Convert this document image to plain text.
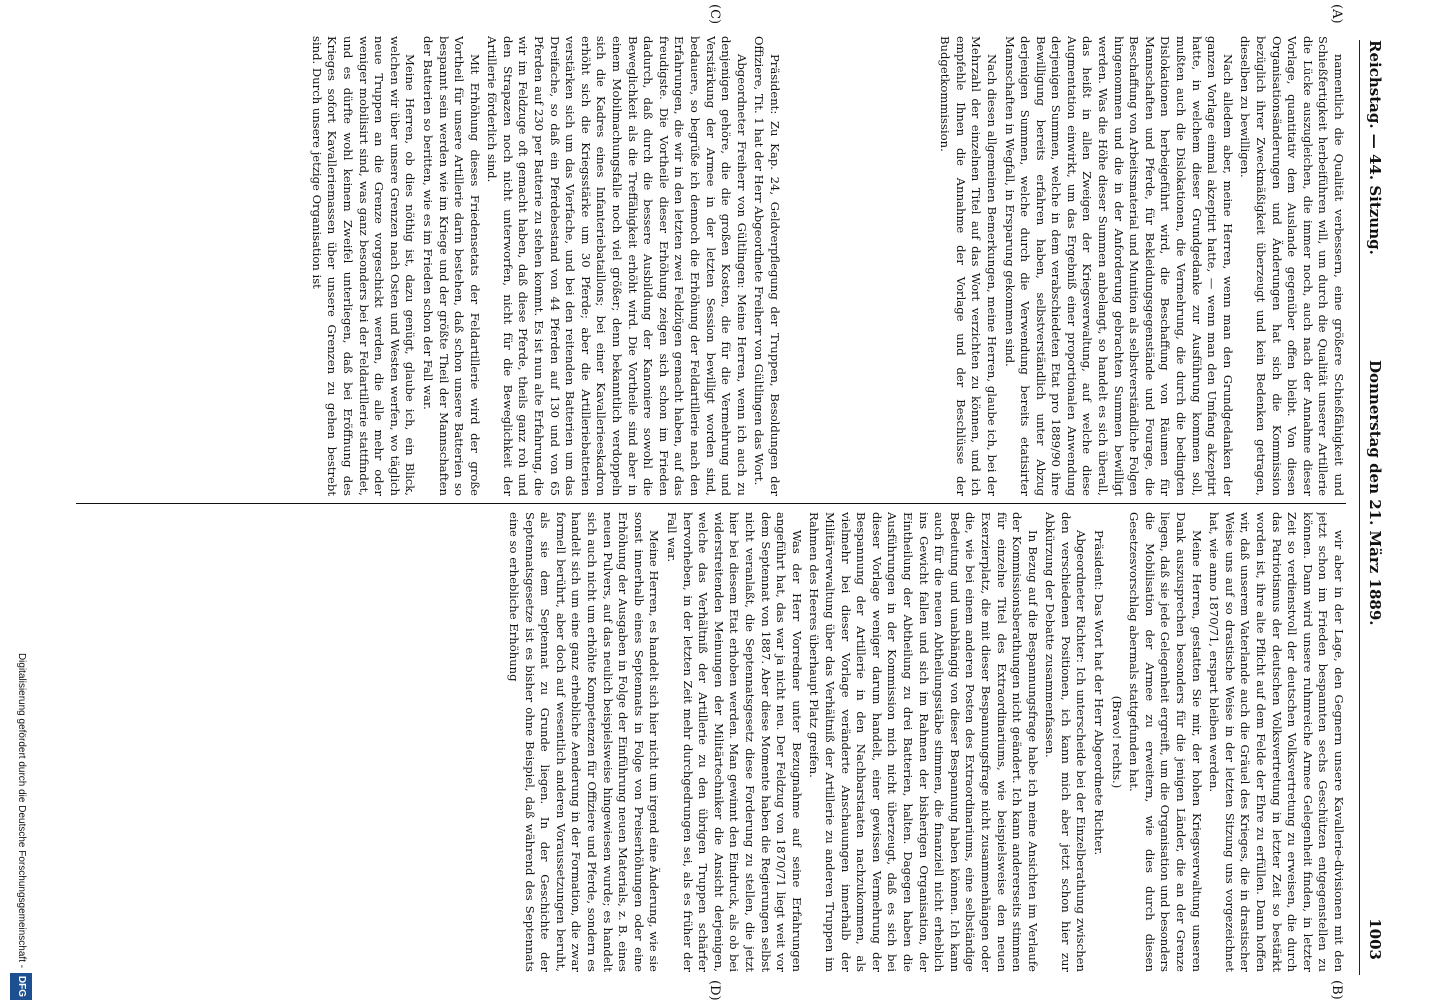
Reichstag. — 44. Sitzung.
Donnerstag den 21. März 1889.
1003
(A)
(C)

namentlich die Qualität verbessern, eine größere Schießfähigkeit und Schießfertigkeit herbeiführen will, um durch die Qualität unserer Artillerie die Lücke auszugleichen, die immer noch, auch nach der Annahme dieser Vorlage, quantitativ dem Auslande gegenüber offen bleibt. Von diesen Organisationsänderungen und Änderungen hat sich die Kommission bezüglich ihrer Zweckmäßigkeit überzeugt und kein Bedenken getragen, dieselben zu bewilligen.

Nach alledem aber, meine Herren, wenn man den Grundgedanken der ganzen Vorlage einmal akzeptirt hatte, — wenn man den Umfang akzeptirt hatte, in welchem dieser Grundgedanke zur Ausführung kommen soll, mußten auch die Dislokationen, die Vermehrung, die durch die bedingten Dislokationen herbeigeführt wird, die Beschaffung von Räumen für Mannschaften und Pferde, für Bekleidungsgegenstände und Fourage, die Beschaffung von Arbeitsmaterial und Munition als selbstverständliche Folgen hingenommen und die in der Anforderung gebrachten Summen bewilligt werden. Was die Höhe dieser Summen anbelangt, so handelt es sich überall, das heißt in allen Zweigen der Kriegsverwaltung, auf welche diese Augmentation einwirkt, um das Ergebniß einer proportionalen Anwendung derjenigen Summen, welche in dem verabschiedeten Etat pro 1889/90 ihre Bewilligung bereits erfahren haben, selbstverständlich unter Abzug derjenigen Summen, welche durch die Verwendung bereits etatisirter Mannschaften in Wegfall, in Ersparung gekommen sind.

Nach diesen allgemeinen Bemerkungen, meine Herren, glaube ich, bei der Mehrzahl der einzelnen Titel auf das Wort verzichten zu können, und ich empfehle Ihnen die Annahme der Vorlage und der Beschlüsse der Budgetkommission.

Präsident: Zu Kap. 24, Geldverpflegung der Truppen, Besoldungen der Offiziere, Tit. 1 hat der Herr Abgeordnete Freiherr von Gültlingen das Wort.

Abgeordneter Freiherr von Gültlingen: Meine Herren, wenn ich auch zu denjenigen gehöre, die die großen Kosten, die für die Vermehrung und Verstärkung der Armee in der letzten Session bewilligt worden sind, bedauere, so begrüße ich dennoch die Erhöhung der Feldartillerie nach den Erfahrungen, die wir in den letzten zwei Feldzügen gemacht haben, auf das freudigste. Die Vortheile dieser Erhöhung zeigen sich schon im Frieden dadurch, daß durch die bessere Ausbildung der Kanoniere sowohl die Beweglichkeit als die Treffähigkeit erhöht wird. Die Vortheile sind aber in einem Mobilmachungsfalle noch viel größer; denn bekanntlich verdoppeln sich die Kadres eines Infanteriebataillons; bei einer Kavallerieeskadron erhöht sich die Kriegsstärke um 30 Pferde; aber die Artilleriebatterien verstärken sich um das Vierfache, und bei den reitenden Batterien um das Dreifache, so daß ein Pferdebestand von 44 Pferden auf 130 und von 65 Pferden auf 230 per Batterie zu stehen kommt. Es ist nun alte Erfahrung, die wir im Feldzuge oft gemacht haben, daß diese Pferde, theils ganz roh und den Strapazen noch nicht unterworfen, nicht für die Beweglichkeit der Artillerie förderlich sind.

Mit Erhöhung dieses Friedensetats der Feldartillerie wird der große Vortheil für unsere Artillerie darin bestehen, daß schon unsere Batterien so bespannt sein werden wie im Kriege und der größte Theil der Mannschaften der Batterien so beritten, wie es im Frieden schon der Fall war.

Meine Herren, ob dies nöthig ist, dazu genügt, glaube ich, ein Blick, welchen wir über unsere Grenzen nach Osten und Westen werfen, wo täglich neue Truppen an die Grenze vorgeschickt werden, die alle mehr oder weniger mobilisirt sind, was ganz besonders bei der Feldartillerie stattfindet, und es dürfte wohl keinem Zweifel unterliegen, daß bei Eröffnung des Krieges sofort Kavalleriemassen über unsere Grenzen zu gehen bestrebt sind. Durch unsere jetzige Organisation ist

wir aber in der Lage, den Gegnern unsere Kavallerie-divisionen mit den jetzt schon im Frieden bespannten sechs Geschützen entgegenstellen zu können. Dann wird unsere ruhmreiche Armee Gelegenheit finden, in letzter Zeit so verdienstvoll der deutschen Volksvertretung zu erweisen, die durch das Patriotismus der deutschen Volksvertretung in letzter Zeit so bestärkt worden ist, ihre alte Pflicht auf dem Felde der Ehre zu erfüllen. Dann hoffen wir, daß unserem Vaterlande auch die Gräuel des Krieges, die in drastischer Weise uns auf so drastische Weise in der letzten Sitzung uns vorgezeichnet hat, wie anno 1870/71, erspart bleiben werden.

Meine Herren, gestatten Sie mir, der hohen Kriegsverwaltung unseren Dank auszusprechen besonders für die jenigen Länder, die an der Grenze liegen, daß sie jede Gelegenheit ergreift, um die Organisation und besonders die Mobilisation der Armee zu erweitern, wie dies durch diesen Gesetzesvorschlag abermals stattgefunden hat.

(Bravo! rechts.)

Präsident: Das Wort hat der Herr Abgeordnete Richter.

Abgeordneter Richter: Ich unterscheide bei der Einzelberathung zwischen den verschiedenen Positionen, ich kann mich aber jetzt schon hier zur Abkürzung der Debatte zusammenfassen.

In Bezug auf die Bespannungsfrage habe ich meine Ansichten im Verlaufe der Kommissionsberathungen nicht geändert. Ich kann andererseits stimmen für einzelne Titel des Extraordinariums, wie beispielsweise den neuen Exerzierplatz, die mit dieser Bespannungsfrage nicht zusammenhängen oder die, wie bei einem anderen Posten des Extraordinariums, eine selbständige Bedeutung und unabhängig von dieser Bespannung haben können. Ich kann auch für die neuen Abtheilungsstäbe stimmen, die finanziell nicht erheblich ins Gewicht fallen und sich im Rahmen der bisherigen Organisation, der Eintheilung der Abtheilung zu drei Batterien, halten. Dagegen haben die Ausführungen in der Kommission mich nicht überzeugt, daß es sich bei dieser Vorlage weniger darum handelt, einer gewissen Vermehrung der Bespannung der Artillerie in den Nachbarstaaten nachzukommen, als vielmehr bei dieser Vorlage veränderte Anschauungen innerhalb der Militärverwaltung über das Verhältniß der Artillerie zu anderen Truppen im Rahmen des Heeres überhaupt Platz greifen.

Was der Herr Vorredner unter Bezugnahme auf seine Erfahrungen angeführt hat, das war ja nicht neu. Der Feldzug von 1870/71 liegt weit vor dem Septennat von 1887. Aber diese Momente haben die Regierungen selbst nicht veranlaßt, die Septennatsgesetz diese Forderung zu stellen, die jetzt hier bei diesem Etat erhoben werden. Man gewinnt den Eindruck, als ob bei widerstreitenden Meinungen der Militärtechniker die Ansicht derjenigen, welche das Verhältniß der Artillerie zu den übrigen Truppen schärfer hervorheben, in der letzten Zeit mehr durchgedrungen sei, als es früher der Fall war.

Meine Herren, es handelt sich hier nicht um irgend eine Änderung, wie sie sonst innerhalb eines Septennats in Folge von Preiserhöhungen oder eine Erhöhung der Ausgaben in Folge der Einführung neuen Materials, z. B. eines neuen Pulvers, auf das neulich beispielsweise hingewiesen wurde; es handelt sich auch nicht um erhöhte Kompetenzen für Offiziere und Pferde, sondern es handelt sich um eine ganz erhebliche Aenderung in der Formation, die zwar formell berührt, aber doch auf wesentlich anderen Voraussetzungen beruht, als sie dem Septennat zu Grunde liegen. In der Geschichte der Septennatsgesetze ist es bisher ohne Beispiel, daß während des Septennats eine so erhebliche Erhöhung

(B)
(D)
Digitalisierung gefördert durch die Deutsche Forschungsgemeinschaft - DFG
